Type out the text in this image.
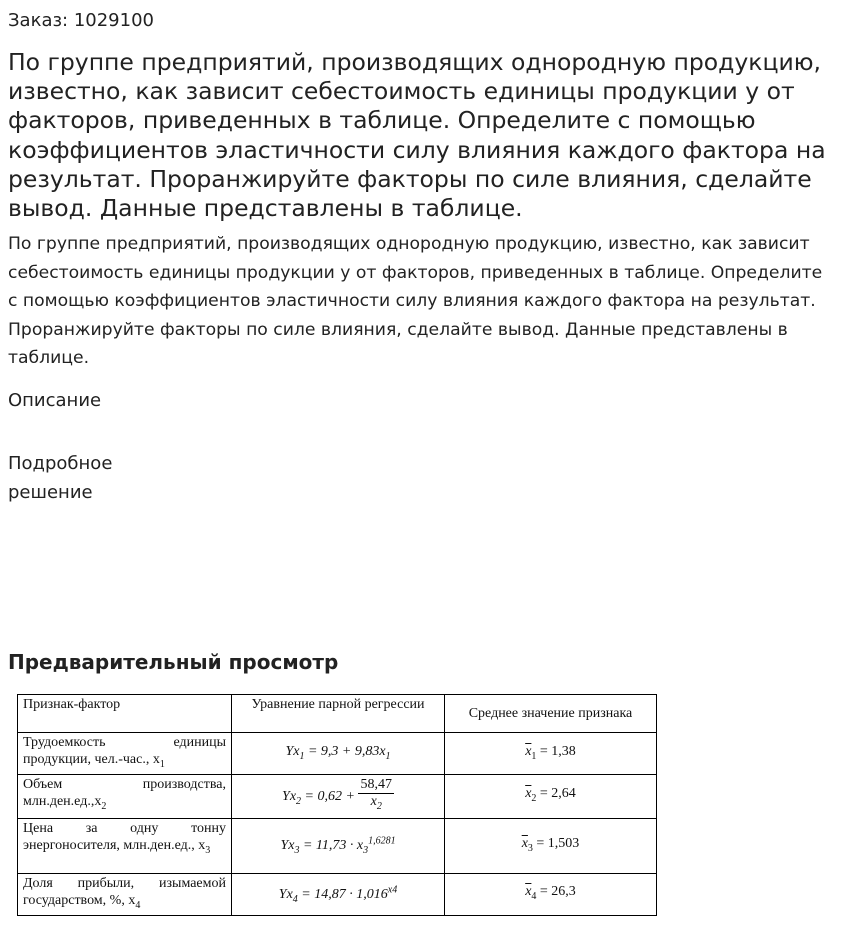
Заказ: 1029100
По группе предприятий, производящих однородную продукцию, известно, как зависит себестоимость единицы продукции у от факторов, приведенных в таблице. Определите с помощью коэффициентов эластичности силу влияния каждого фактора на результат. Проранжируйте факторы по силе влияния, сделайте вывод. Данные представлены в таблице.
По группе предприятий, производящих однородную продукцию, известно, как зависит себестоимость единицы продукции у от факторов, приведенных в таблице. Определите с помощью коэффициентов эластичности силу влияния каждого фактора на результат. Проранжируйте факторы по силе влияния, сделайте вывод. Данные представлены в таблице.
Описание
Подробное решение
Предварительный просмотр
Признак-фактор	Уравнение парной регрессии	Среднее значение признака
Трудоемкость единицы продукции, чел.-час., $x_1$	$Yx_1 = 9,3 + 9,83x_1$	$\overline{x}_1 = 1,38$
Объем производства, $млн.ден.ед.,x_2$	$Yx_2 = 0,62 + \frac{58,47}{x_2}$	$\overline{x}_2 = 2,64$
Цена за одну тонну энергоносителя, млн.ден.ед., $x_3$	$Yx_3 = 11,73 \cdot x_3^{1,6281}$	$\overline{x}_3 = 1,503$
Доля прибыли, изымаемой государством, %, $x_4$	$Yx_4 = 14,87 \cdot 1,016^{x4}$	$\overline{x}_4 = 26,3$
